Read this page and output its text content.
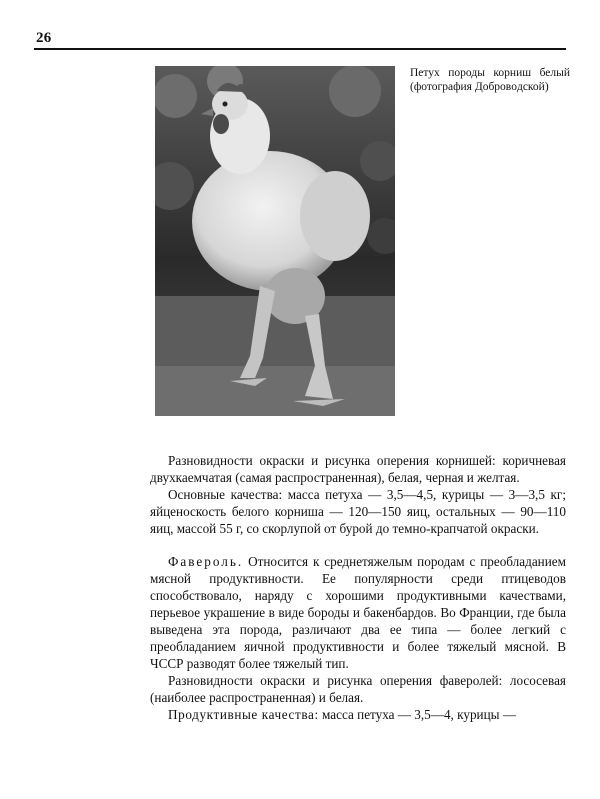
26
Петух породы корниш белый (фотография Добровoдской)

Разновидности окраски и рисунка оперения корнишей: коричневая двухкаемчатая (самая распространенная), белая, черная и желтая.

Основные качества: масса петуха — 3,5—4,5, курицы — 3—3,5 кг; яйценоскость белого корниша — 120—150 яиц, остальных — 90—110 яиц, массой 55 г, со скорлупой от бурой до темно-крапчатой окраски.

Фавероль. Относится к среднетяжелым породам с преобладанием мясной продуктивности. Ее популярности среди птицеводов способствовало, наряду с хорошими продуктивными качествами, перьевое украшение в виде бороды и бакенбардов. Во Франции, где была выведена эта порода, различают два ее типа — более легкий с преобладанием яичной продуктивности и более тяжелый мясной. В ЧССР разводят более тяжелый тип.

Разновидности окраски и рисунка оперения фаверолей: лососевая (наиболее распространенная) и белая.

Продуктивные качества: масса петуха — 3,5—4, курицы —
